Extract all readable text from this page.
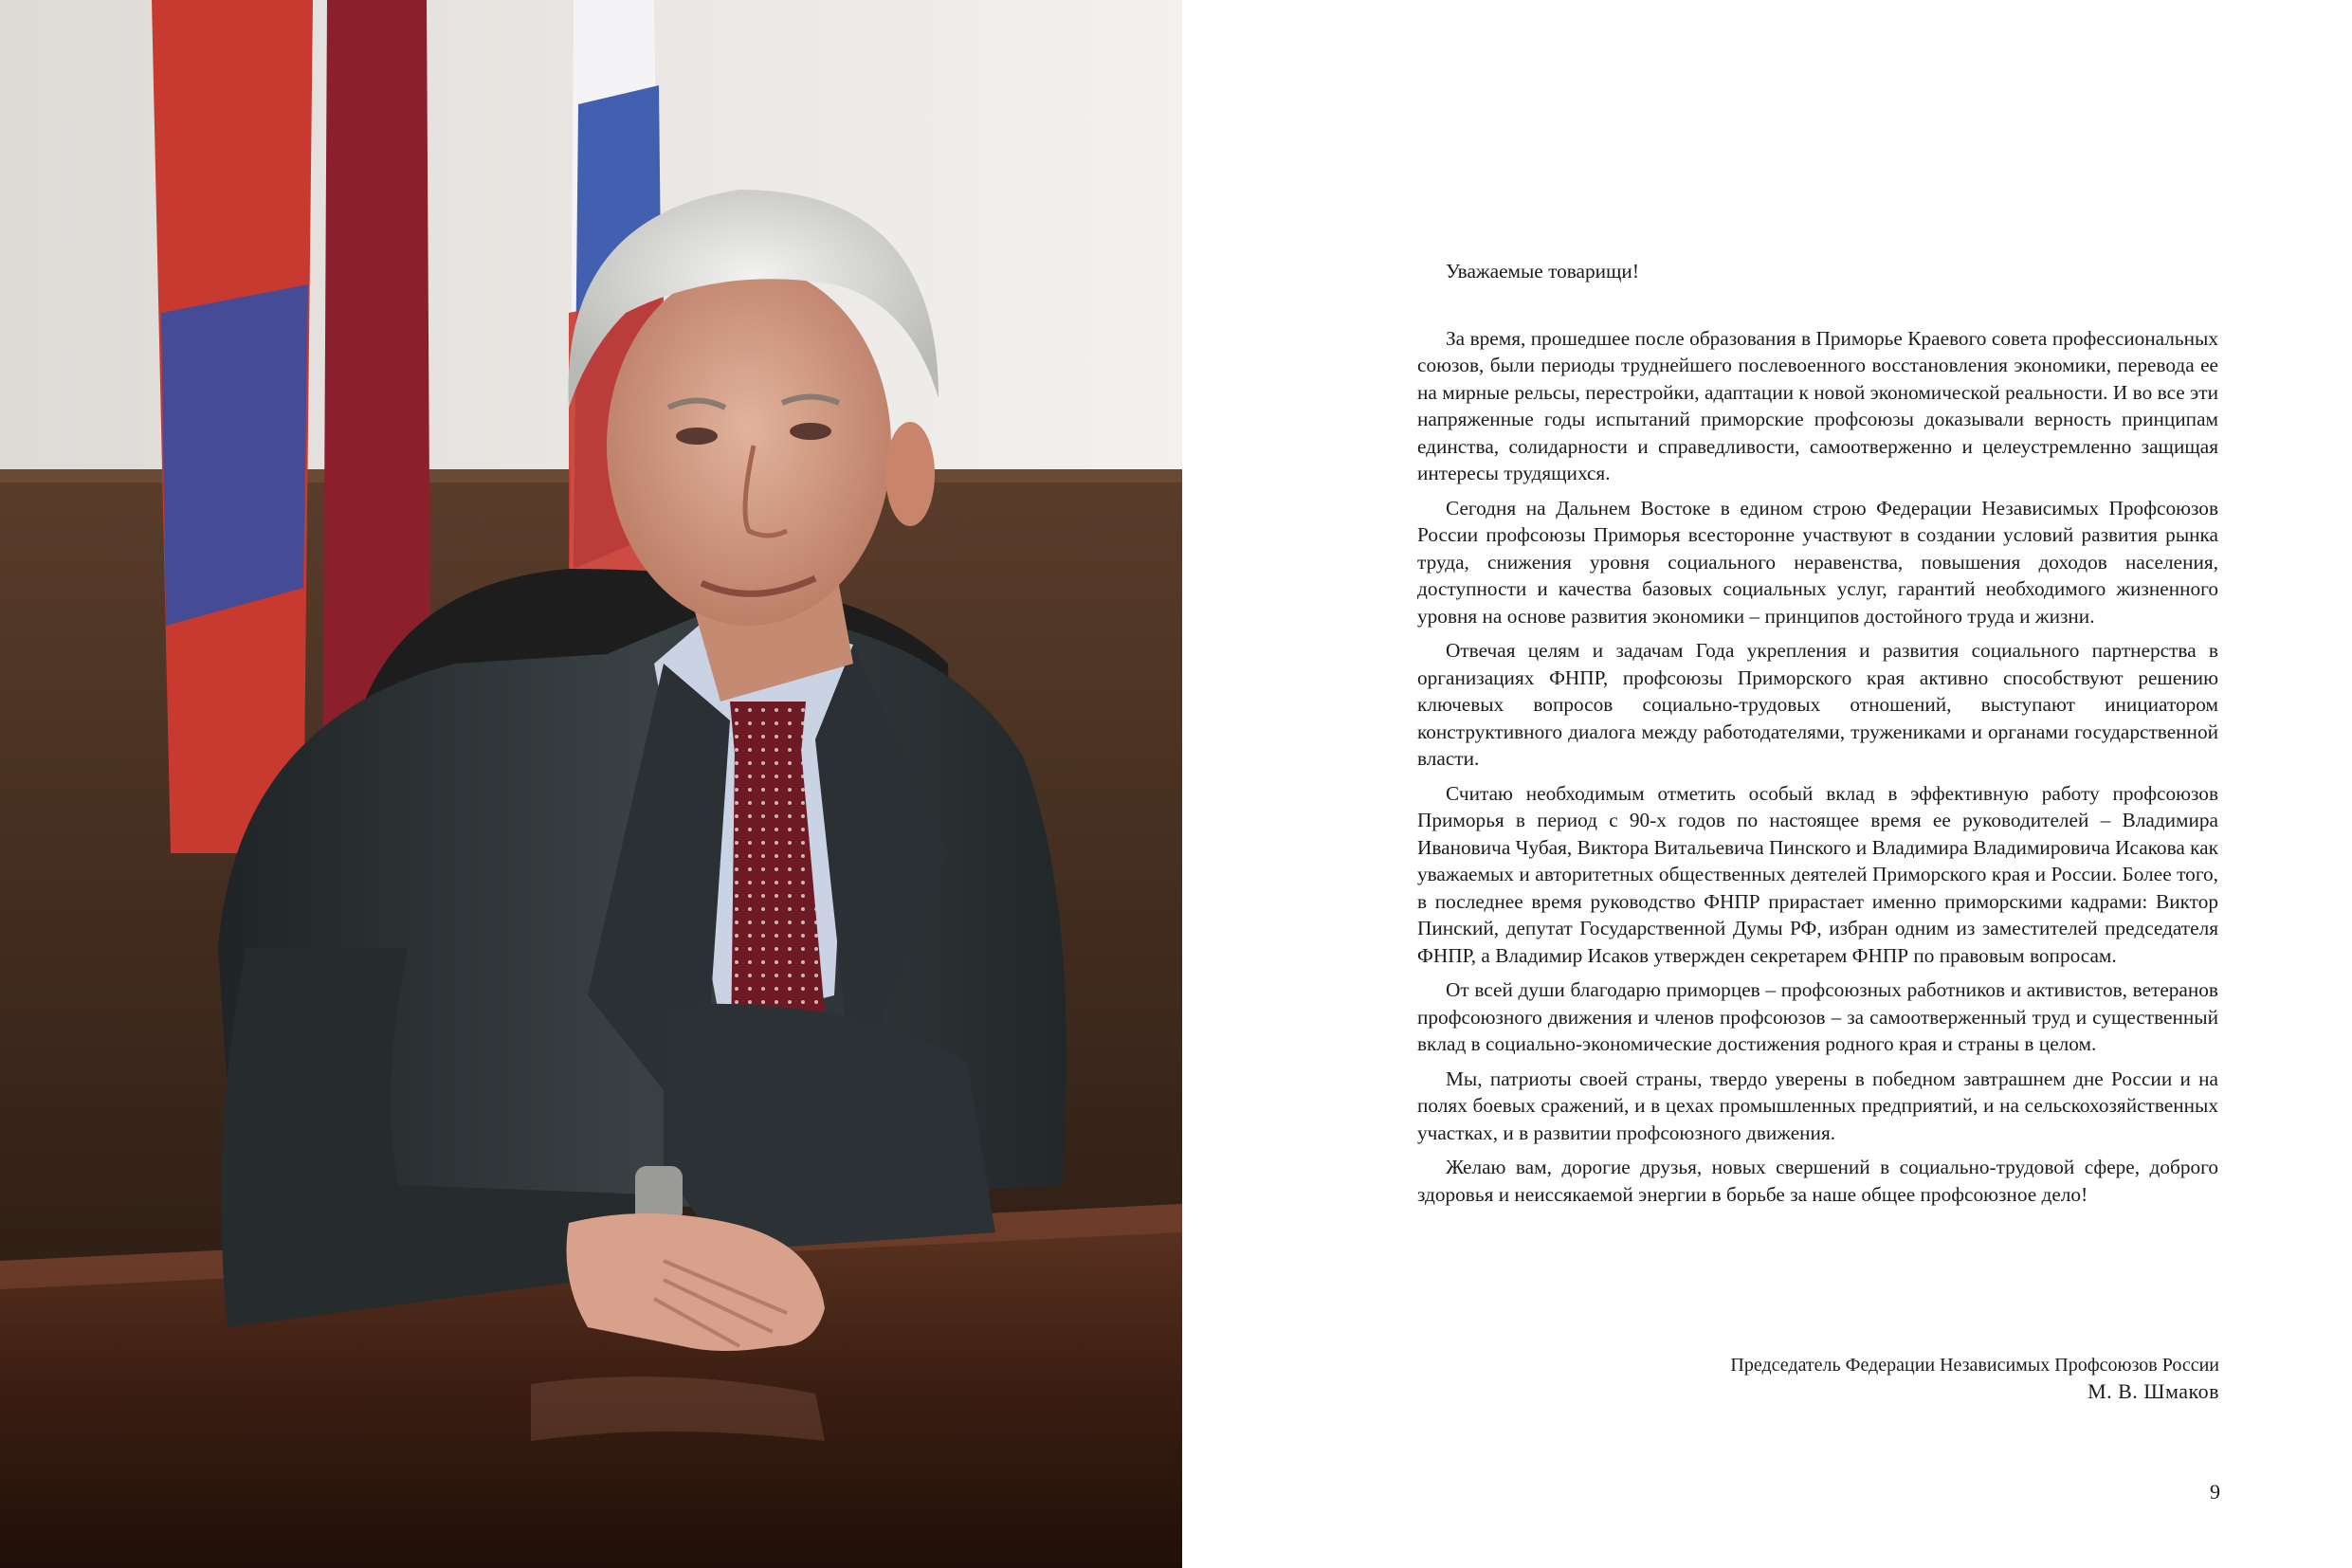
Уважаемые товарищи!

За время, прошедшее после образования в Приморье Краевого совета профессиональных союзов, были периоды труднейшего послевоенного восстановления экономики, перевода ее на мирные рельсы, перестройки, адаптации к новой экономической реальности. И во все эти напряженные годы испытаний приморские профсоюзы доказывали верность принципам единства, солидарности и справедливости, самоотверженно и целеустремленно защищая интересы трудящихся.

Сегодня на Дальнем Востоке в едином строю Федерации Независимых Профсоюзов России профсоюзы Приморья всесторонне участвуют в создании условий развития рынка труда, снижения уровня социального неравенства, повышения доходов населения, доступности и качества базовых социальных услуг, гарантий необходимого жизненного уровня на основе развития экономики – принципов достойного труда и жизни.

Отвечая целям и задачам Года укрепления и развития социального партнерства в организациях ФНПР, профсоюзы Приморского края активно способствуют решению ключевых вопросов социально-трудовых отношений, выступают инициатором конструктивного диалога между работодателями, тружениками и органами государственной власти.

Считаю необходимым отметить особый вклад в эффективную работу профсоюзов Приморья в период с 90-х годов по настоящее время ее руководителей – Владимира Ивановича Чубая, Виктора Витальевича Пинского и Владимира Владимировича Исакова как уважаемых и авторитетных общественных деятелей Приморского края и России. Более того, в последнее время руководство ФНПР прирастает именно приморскими кадрами: Виктор Пинский, депутат Государственной Думы РФ, избран одним из заместителей председателя ФНПР, а Владимир Исаков утвержден секретарем ФНПР по правовым вопросам.

От всей души благодарю приморцев – профсоюзных работников и активистов, ветеранов профсоюзного движения и членов профсоюзов – за самоотверженный труд и существенный вклад в социально-экономические достижения родного края и страны в целом.

Мы, патриоты своей страны, твердо уверены в победном завтрашнем дне России и на полях боевых сражений, и в цехах промышленных предприятий, и на сельскохозяйственных участках, и в развитии профсоюзного движения.

Желаю вам, дорогие друзья, новых свершений в социально-трудовой сфере, доброго здоровья и неиссякаемой энергии в борьбе за наше общее профсоюзное дело!

Председатель Федерации Независимых Профсоюзов России
М. В. Шмаков
9
